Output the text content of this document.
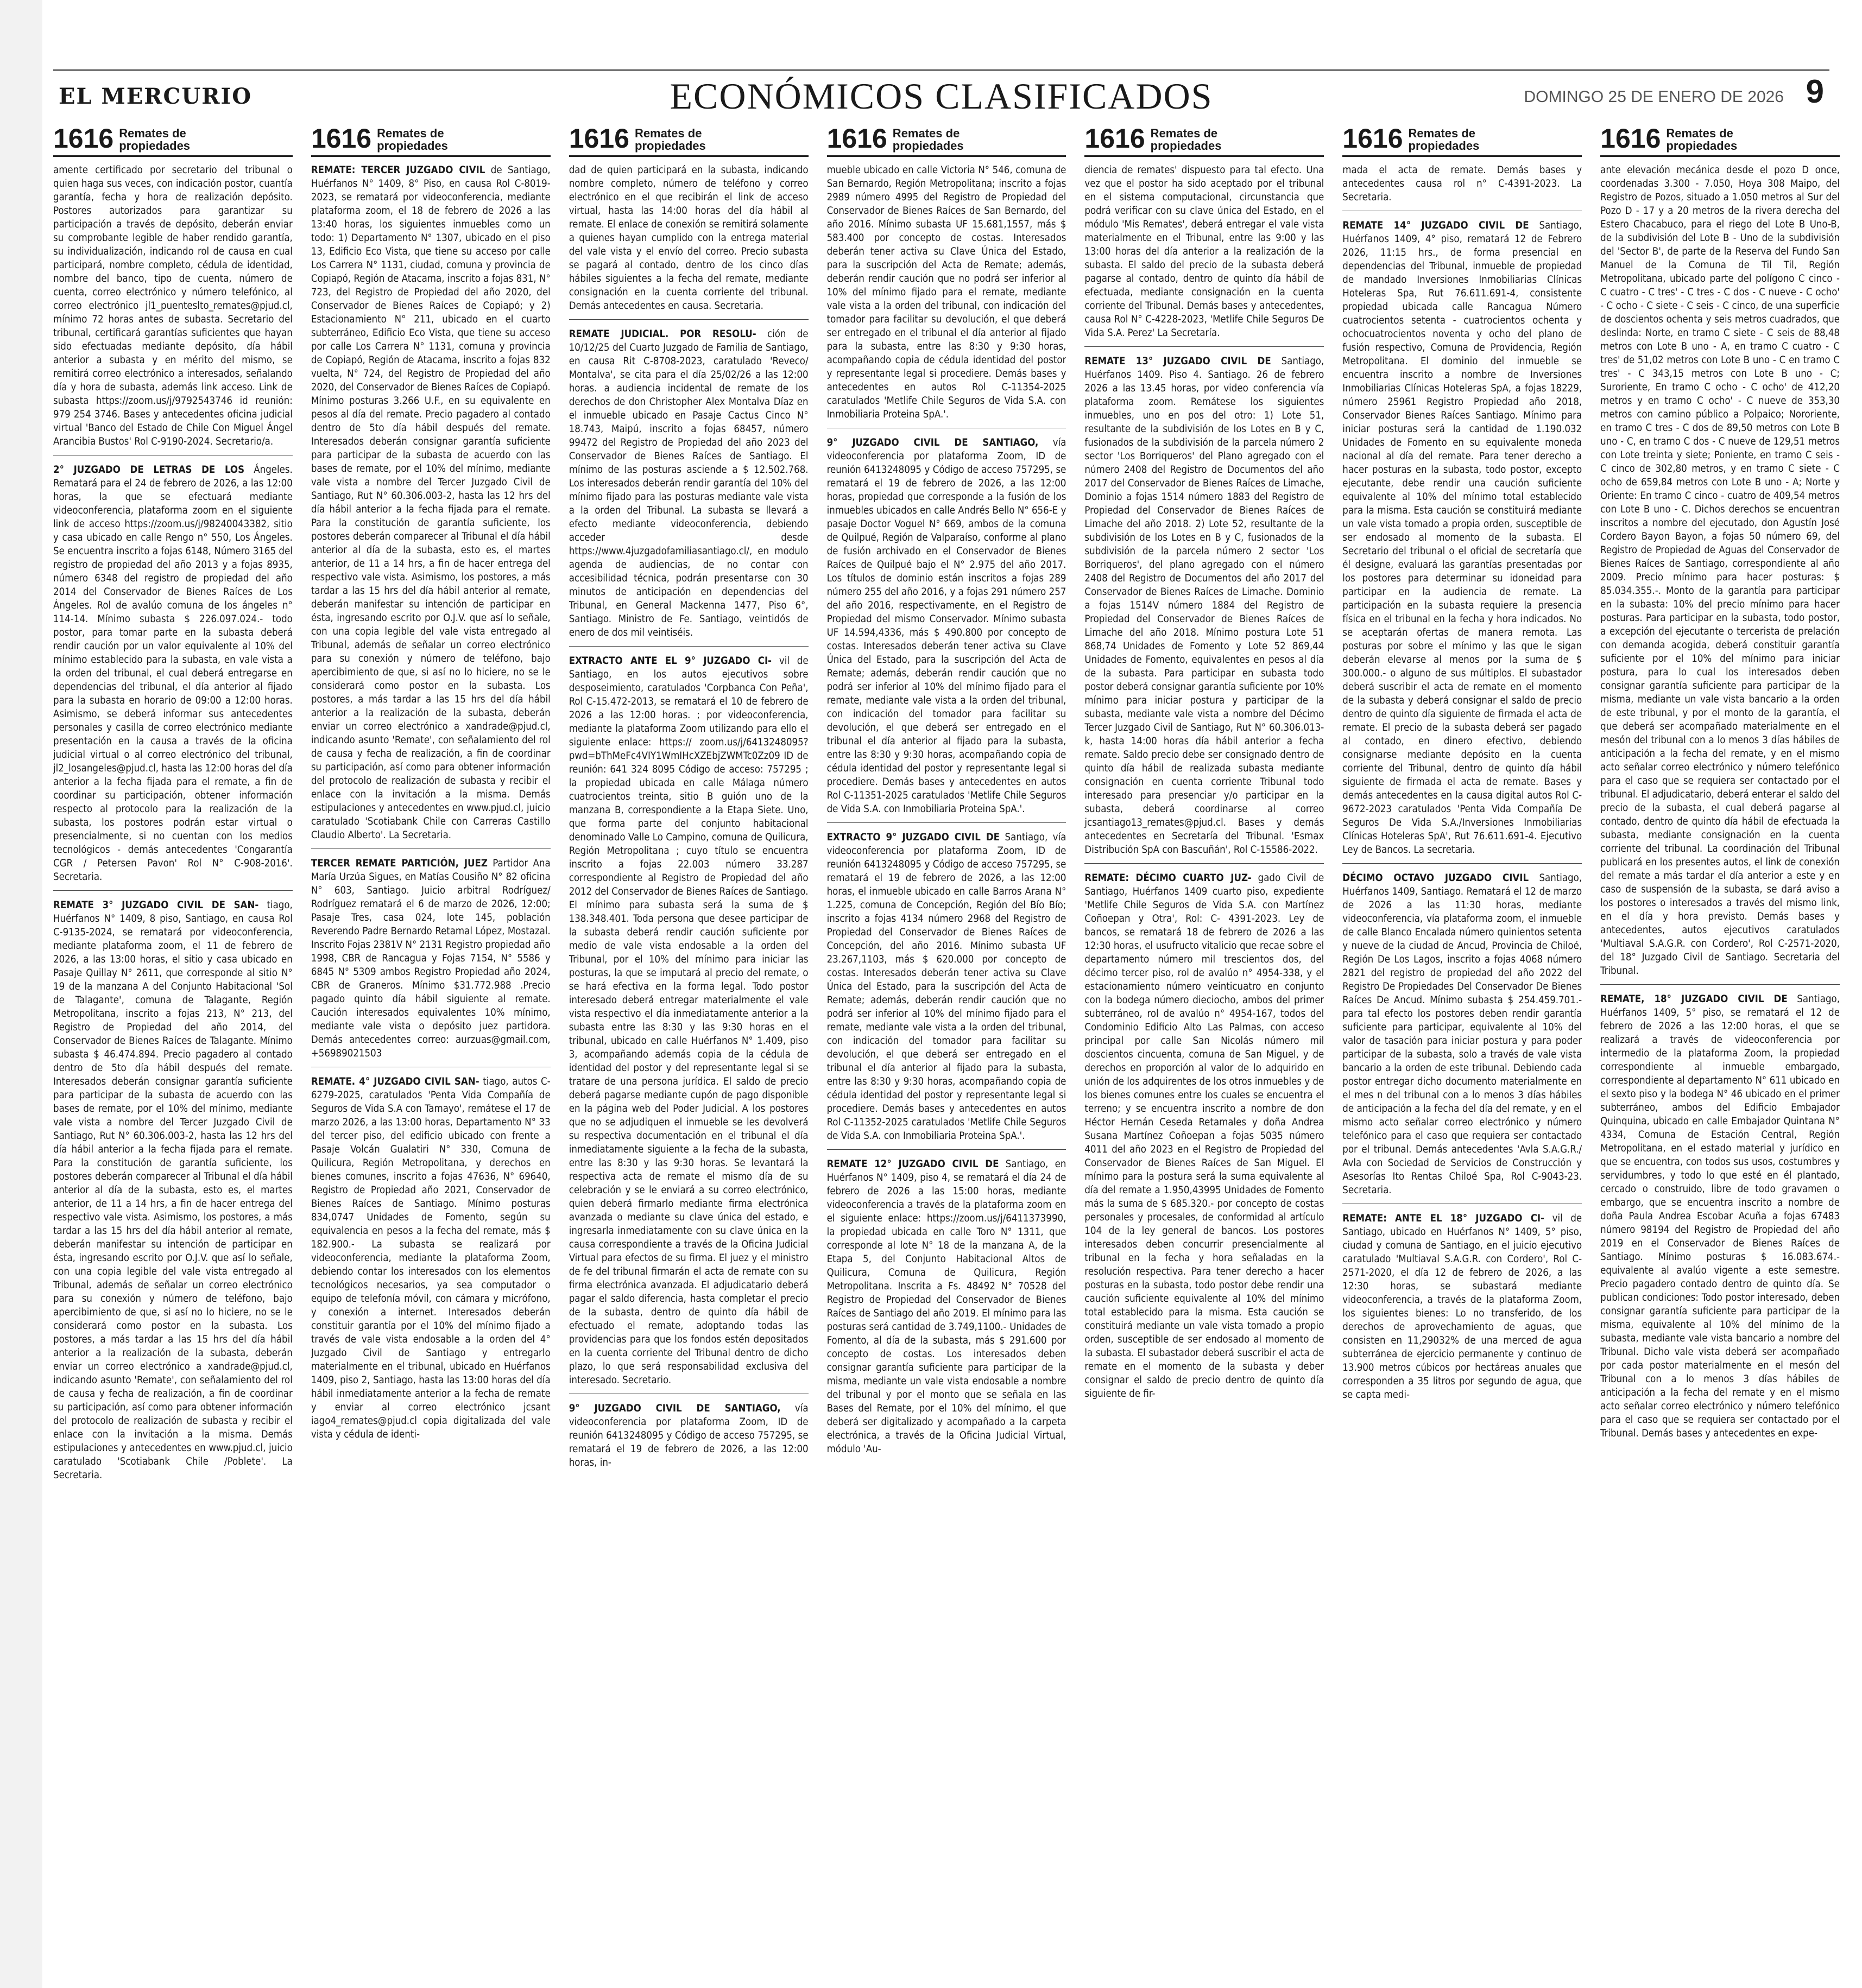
EL MERCURIO	ECONÓMICOS CLASIFICADOS	DOMINGO 25 DE ENERO DE 2026 9
1616 Remates de
propiedades

amente certificado por secretario del tribunal o quien haga sus veces, con indicación postor, cuantía garantía, fecha y hora de realización depósito. Postores autorizados para garantizar su participación a través de depósito, deberán enviar su comprobante legible de haber rendido garantía, su individualización, indicando rol de causa en cual participará, nombre completo, cédula de identidad, nombre del banco, tipo de cuenta, número de cuenta, correo electrónico y número telefónico, al correo electrónico jl1_puenteslto_remates@pjud.cl, mínimo 72 horas antes de subasta. Secretario del tribunal, certificará garantías suficientes que hayan sido efectuadas mediante depósito, día hábil anterior a subasta y en mérito del mismo, se remitirá correo electrónico a interesados, señalando día y hora de subasta, además link acceso. Link de subasta https://zoom.us/j/9792543746 id reunión: 979 254 3746. Bases y antecedentes oficina judicial virtual 'Banco del Estado de Chile Con Miguel Ángel Arancibia Bustos' Rol C-9190-2024. Secretario/a.

2° JUZGADO DE LETRAS DE LOS Ángeles. Rematará para el 24 de febrero de 2026, a las 12:00 horas, la que se efectuará mediante videoconferencia, plataforma zoom en el siguiente link de acceso https://zoom.us/j/98240043382, sitio y casa ubicado en calle Rengo n° 550, Los Ángeles. Se encuentra inscrito a fojas 6148, Número 3165 del registro de propiedad del año 2013 y a fojas 8935, número 6348 del registro de propiedad del año 2014 del Conservador de Bienes Raíces de Los Ángeles. Rol de avalúo comuna de los ángeles n° 114-14. Mínimo subasta $ 226.097.024.- todo postor, para tomar parte en la subasta deberá rendir caución por un valor equivalente al 10% del mínimo establecido para la subasta, en vale vista a la orden del tribunal, el cual deberá entregarse en dependencias del tribunal, el día anterior al fijado para la subasta en horario de 09:00 a 12:00 horas. Asimismo, se deberá informar sus antecedentes personales y casilla de correo electrónico mediante presentación en la causa a través de la oficina judicial virtual o al correo electrónico del tribunal, jl2_losangeles@pjud.cl, hasta las 12:00 horas del día anterior a la fecha fijada para el remate, a fin de coordinar su participación, obtener información respecto al protocolo para la realización de la subasta, los postores podrán estar virtual o presencialmente, si no cuentan con los medios tecnológicos - demás antecedentes 'Congarantía CGR / Petersen Pavon' Rol N° C-908-2016'. Secretaria.

REMATE 3° JUZGADO CIVIL DE SAN- tiago, Huérfanos N° 1409, 8 piso, Santiago, en causa Rol C-9135-2024, se rematará por videoconferencia, mediante plataforma zoom, el 11 de febrero de 2026, a las 13:00 horas, el sitio y casa ubicado en Pasaje Quillay N° 2611, que corresponde al sitio N° 19 de la manzana A del Conjunto Habitacional 'Sol de Talagante', comuna de Talagante, Región Metropolitana, inscrito a fojas 213, N° 213, del Registro de Propiedad del año 2014, del Conservador de Bienes Raíces de Talagante. Mínimo subasta $ 46.474.894. Precio pagadero al contado dentro de 5to día hábil después del remate. Interesados deberán consignar garantía suficiente para participar de la subasta de acuerdo con las bases de remate, por el 10% del mínimo, mediante vale vista a nombre del Tercer Juzgado Civil de Santiago, Rut N° 60.306.003-2, hasta las 12 hrs del día hábil anterior a la fecha fijada para el remate. Para la constitución de garantía suficiente, los postores deberán comparecer al Tribunal el día hábil anterior al día de la subasta, esto es, el martes anterior, de 11 a 14 hrs, a fin de hacer entrega del respectivo vale vista. Asimismo, los postores, a más tardar a las 15 hrs del día hábil anterior al remate, deberán manifestar su intención de participar en ésta, ingresando escrito por O.J.V. que así lo señale, con una copia legible del vale vista entregado al Tribunal, además de señalar un correo electrónico para su conexión y número de teléfono, bajo apercibimiento de que, si así no lo hiciere, no se le considerará como postor en la subasta. Los postores, a más tardar a las 15 hrs del día hábil anterior a la realización de la subasta, deberán enviar un correo electrónico a xandrade@pjud.cl, indicando asunto 'Remate', con señalamiento del rol de causa y fecha de realización, a fin de coordinar su participación, así como para obtener información del protocolo de realización de subasta y recibir el enlace con la invitación a la misma. Demás estipulaciones y antecedentes en www.pjud.cl, juicio caratulado 'Scotiabank Chile /Poblete'. La Secretaria.

1616 Remates de
propiedades

REMATE: TERCER JUZGADO CIVIL de Santiago, Huérfanos N° 1409, 8° Piso, en causa Rol C-8019-2023, se rematará por videoconferencia, mediante plataforma zoom, el 18 de febrero de 2026 a las 13:40 horas, los siguientes inmuebles como un todo: 1) Departamento N° 1307, ubicado en el piso 13, Edificio Eco Vista, que tiene su acceso por calle Los Carrera N° 1131, ciudad, comuna y provincia de Copiapó, Región de Atacama, inscrito a fojas 831, N° 723, del Registro de Propiedad del año 2020, del Conservador de Bienes Raíces de Copiapó; y 2) Estacionamiento N° 211, ubicado en el cuarto subterráneo, Edificio Eco Vista, que tiene su acceso por calle Los Carrera N° 1131, comuna y provincia de Copiapó, Región de Atacama, inscrito a fojas 832 vuelta, N° 724, del Registro de Propiedad del año 2020, del Conservador de Bienes Raíces de Copiapó. Mínimo posturas 3.266 U.F., en su equivalente en pesos al día del remate. Precio pagadero al contado dentro de 5to día hábil después del remate. Interesados deberán consignar garantía suficiente para participar de la subasta de acuerdo con las bases de remate, por el 10% del mínimo, mediante vale vista a nombre del Tercer Juzgado Civil de Santiago, Rut N° 60.306.003-2, hasta las 12 hrs del día hábil anterior a la fecha fijada para el remate. Para la constitución de garantía suficiente, los postores deberán comparecer al Tribunal el día hábil anterior al día de la subasta, esto es, el martes anterior, de 11 a 14 hrs, a fin de hacer entrega del respectivo vale vista. Asimismo, los postores, a más tardar a las 15 hrs del día hábil anterior al remate, deberán manifestar su intención de participar en ésta, ingresando escrito por O.J.V. que así lo señale, con una copia legible del vale vista entregado al Tribunal, además de señalar un correo electrónico para su conexión y número de teléfono, bajo apercibimiento de que, si así no lo hiciere, no se le considerará como postor en la subasta. Los postores, a más tardar a las 15 hrs del día hábil anterior a la realización de la subasta, deberán enviar un correo electrónico a xandrade@pjud.cl, indicando asunto 'Remate', con señalamiento del rol de causa y fecha de realización, a fin de coordinar su participación, así como para obtener información del protocolo de realización de subasta y recibir el enlace con la invitación a la misma. Demás estipulaciones y antecedentes en www.pjud.cl, juicio caratulado 'Scotiabank Chile con Carreras Castillo Claudio Alberto'. La Secretaria.

TERCER REMATE PARTICIÓN, JUEZ Partidor Ana María Urzúa Sigues, en Matías Cousiño N° 82 oficina N° 603, Santiago. Juicio arbitral Rodríguez/ Rodríguez rematará el 6 de marzo de 2026, 12:00; Pasaje Tres, casa 024, lote 145, población Reverendo Padre Bernardo Retamal López, Mostazal. Inscrito Fojas 2381V N° 2131 Registro propiedad año 1998, CBR de Rancagua y Fojas 7154, N° 5586 y 6845 N° 5309 ambos Registro Propiedad año 2024, CBR de Graneros. Mínimo $31.772.988 .Precio pagado quinto día hábil siguiente al remate. Caución interesados equivalentes 10% mínimo, mediante vale vista o depósito juez partidora. Demás antecedentes correo: aurzuas@gmail.com, +56989021503

REMATE. 4° JUZGADO CIVIL SAN- tiago, autos C-6279-2025, caratulados 'Penta Vida Compañía de Seguros de Vida S.A con Tamayo', remátese el 17 de marzo 2026, a las 13:00 horas, Departamento N° 33 del tercer piso, del edificio ubicado con frente a Pasaje Volcán Gualatiri N° 330, Comuna de Quilicura, Región Metropolitana, y derechos en bienes comunes, inscrito a fojas 47636, N° 69640, Registro de Propiedad año 2021, Conservador de Bienes Raíces de Santiago. Mínimo posturas 834,0747 Unidades de Fomento, según su equivalencia en pesos a la fecha del remate, más $ 182.900.- La subasta se realizará por videoconferencia, mediante la plataforma Zoom, debiendo contar los interesados con los elementos tecnológicos necesarios, ya sea computador o equipo de telefonía móvil, con cámara y micrófono, y conexión a internet. Interesados deberán constituir garantía por el 10% del mínimo fijado a través de vale vista endosable a la orden del 4° Juzgado Civil de Santiago y entregarlo materialmente en el tribunal, ubicado en Huérfanos 1409, piso 2, Santiago, hasta las 13:00 horas del día hábil inmediatamente anterior a la fecha de remate y enviar al correo electrónico jcsant iago4_remates@pjud.cl copia digitalizada del vale vista y cédula de identi-

1616 Remates de
propiedades

dad de quien participará en la subasta, indicando nombre completo, número de teléfono y correo electrónico en el que recibirán el link de acceso virtual, hasta las 14:00 horas del día hábil al remate. El enlace de conexión se remitirá solamente a quienes hayan cumplido con la entrega material del vale vista y el envío del correo. Precio subasta se pagará al contado, dentro de los cinco días hábiles siguientes a la fecha del remate, mediante consignación en la cuenta corriente del tribunal. Demás antecedentes en causa. Secretaria.

REMATE JUDICIAL. POR RESOLU- ción de 10/12/25 del Cuarto Juzgado de Familia de Santiago, en causa Rit C-8708-2023, caratulado 'Reveco/ Montalva', se cita para el día 25/02/26 a las 12:00 horas. a audiencia incidental de remate de los derechos de don Christopher Alex Montalva Díaz en el inmueble ubicado en Pasaje Cactus Cinco N° 18.743, Maipú, inscrito a fojas 68457, número 99472 del Registro de Propiedad del año 2023 del Conservador de Bienes Raíces de Santiago. El mínimo de las posturas asciende a $ 12.502.768. Los interesados deberán rendir garantía del 10% del mínimo fijado para las posturas mediante vale vista a la orden del Tribunal. La subasta se llevará a efecto mediante videoconferencia, debiendo acceder desde https://www.4juzgadofamiliasantiago.cl/, en modulo agenda de audiencias, de no contar con accesibilidad técnica, podrán presentarse con 30 minutos de anticipación en dependencias del Tribunal, en General Mackenna 1477, Piso 6°, Santiago. Ministro de Fe. Santiago, veintidós de enero de dos mil veintiséis.

EXTRACTO ANTE EL 9° JUZGADO CI- vil de Santiago, en los autos ejecutivos sobre desposeimiento, caratulados 'Corpbanca Con Peña', Rol C-15.472-2013, se rematará el 10 de febrero de 2026 a las 12:00 horas. ; por videoconferencia, mediante la plataforma Zoom utilizando para ello el siguiente enlace: https:// zoom.us/j/6413248095? pwd=bThMeFc4VIY1WmIHcXZEbjZWMTc0Zz09 ID de reunión: 641 324 8095 Código de acceso: 757295 ; la propiedad ubicada en calle Málaga número cuatrocientos treinta, sitio B guión uno de la manzana B, correspondiente a la Etapa Siete. Uno, que forma parte del conjunto habitacional denominado Valle Lo Campino, comuna de Quilicura, Región Metropolitana ; cuyo título se encuentra inscrito a fojas 22.003 número 33.287 correspondiente al Registro de Propiedad del año 2012 del Conservador de Bienes Raíces de Santiago. El mínimo para subasta será la suma de $ 138.348.401. Toda persona que desee participar de la subasta deberá rendir caución suficiente por medio de vale vista endosable a la orden del Tribunal, por el 10% del mínimo para iniciar las posturas, la que se imputará al precio del remate, o se hará efectiva en la forma legal. Todo postor interesado deberá entregar materialmente el vale vista respectivo el día inmediatamente anterior a la subasta entre las 8:30 y las 9:30 horas en el tribunal, ubicado en calle Huérfanos N° 1.409, piso 3, acompañando además copia de la cédula de identidad del postor y del representante legal si se tratare de una persona jurídica. El saldo de precio deberá pagarse mediante cupón de pago disponible en la página web del Poder Judicial. A los postores que no se adjudiquen el inmueble se les devolverá su respectiva documentación en el tribunal el día inmediatamente siguiente a la fecha de la subasta, entre las 8:30 y las 9:30 horas. Se levantará la respectiva acta de remate el mismo día de su celebración y se le enviará a su correo electrónico, quien deberá firmarlo mediante firma electrónica avanzada o mediante su clave única del estado, e ingresarla inmediatamente con su clave única en la causa correspondiente a través de la Oficina Judicial Virtual para efectos de su firma. El juez y el ministro de fe del tribunal firmarán el acta de remate con su firma electrónica avanzada. El adjudicatario deberá pagar el saldo diferencia, hasta completar el precio de la subasta, dentro de quinto día hábil de efectuado el remate, adoptando todas las providencias para que los fondos estén depositados en la cuenta corriente del Tribunal dentro de dicho plazo, lo que será responsabilidad exclusiva del interesado. Secretario.

9° JUZGADO CIVIL DE SANTIAGO, vía videoconferencia por plataforma Zoom, ID de reunión 6413248095 y Código de acceso 757295, se rematará el 19 de febrero de 2026, a las 12:00 horas, in-

1616 Remates de
propiedades

mueble ubicado en calle Victoria N° 546, comuna de San Bernardo, Región Metropolitana; inscrito a fojas 2989 número 4995 del Registro de Propiedad del Conservador de Bienes Raíces de San Bernardo, del año 2016. Mínimo subasta UF 15.681,1557, más $ 583.400 por concepto de costas. Interesados deberán tener activa su Clave Única del Estado, para la suscripción del Acta de Remate; además, deberán rendir caución que no podrá ser inferior al 10% del mínimo fijado para el remate, mediante vale vista a la orden del tribunal, con indicación del tomador para facilitar su devolución, el que deberá ser entregado en el tribunal el día anterior al fijado para la subasta, entre las 8:30 y 9:30 horas, acompañando copia de cédula identidad del postor y representante legal si procediere. Demás bases y antecedentes en autos Rol C-11354-2025 caratulados 'Metlife Chile Seguros de Vida S.A. con Inmobiliaria Proteina SpA.'.

9° JUZGADO CIVIL DE SANTIAGO, vía videoconferencia por plataforma Zoom, ID de reunión 6413248095 y Código de acceso 757295, se rematará el 19 de febrero de 2026, a las 12:00 horas, propiedad que corresponde a la fusión de los inmuebles ubicados en calle Andrés Bello N° 656-E y pasaje Doctor Voguel N° 669, ambos de la comuna de Quilpué, Región de Valparaíso, conforme al plano de fusión archivado en el Conservador de Bienes Raíces de Quilpué bajo el N° 2.975 del año 2017. Los títulos de dominio están inscritos a fojas 289 número 255 del año 2016, y a fojas 291 número 257 del año 2016, respectivamente, en el Registro de Propiedad del mismo Conservador. Mínimo subasta UF 14.594,4336, más $ 490.800 por concepto de costas. Interesados deberán tener activa su Clave Única del Estado, para la suscripción del Acta de Remate; además, deberán rendir caución que no podrá ser inferior al 10% del mínimo fijado para el remate, mediante vale vista a la orden del tribunal, con indicación del tomador para facilitar su devolución, el que deberá ser entregado en el tribunal el día anterior al fijado para la subasta, entre las 8:30 y 9:30 horas, acompañando copia de cédula identidad del postor y representante legal si procediere. Demás bases y antecedentes en autos Rol C-11351-2025 caratulados 'Metlife Chile Seguros de Vida S.A. con Inmobiliaria Proteina SpA.'.

EXTRACTO 9° JUZGADO CIVIL DE Santiago, vía videoconferencia por plataforma Zoom, ID de reunión 6413248095 y Código de acceso 757295, se rematará el 19 de febrero de 2026, a las 12:00 horas, el inmueble ubicado en calle Barros Arana N° 1.225, comuna de Concepción, Región del Bío Bío; inscrito a fojas 4134 número 2968 del Registro de Propiedad del Conservador de Bienes Raíces de Concepción, del año 2016. Mínimo subasta UF 23.267,1103, más $ 620.000 por concepto de costas. Interesados deberán tener activa su Clave Única del Estado, para la suscripción del Acta de Remate; además, deberán rendir caución que no podrá ser inferior al 10% del mínimo fijado para el remate, mediante vale vista a la orden del tribunal, con indicación del tomador para facilitar su devolución, el que deberá ser entregado en el tribunal el día anterior al fijado para la subasta, entre las 8:30 y 9:30 horas, acompañando copia de cédula identidad del postor y representante legal si procediere. Demás bases y antecedentes en autos Rol C-11352-2025 caratulados 'Metlife Chile Seguros de Vida S.A. con Inmobiliaria Proteina SpA.'.

REMATE 12° JUZGADO CIVIL DE Santiago, en Huérfanos N° 1409, piso 4, se rematará el día 24 de febrero de 2026 a las 15:00 horas, mediante videoconferencia a través de la plataforma zoom en el siguiente enlace: https://zoom.us/j/6411373990, la propiedad ubicada en calle Toro N° 1311, que corresponde al lote N° 18 de la manzana A, de la Etapa 5, del Conjunto Habitacional Altos de Quilicura, Comuna de Quilicura, Región Metropolitana. Inscrita a Fs. 48492 N° 70528 del Registro de Propiedad del Conservador de Bienes Raíces de Santiago del año 2019. El mínimo para las posturas será cantidad de 3.749,1100.- Unidades de Fomento, al día de la subasta, más $ 291.600 por concepto de costas. Los interesados deben consignar garantía suficiente para participar de la misma, mediante un vale vista endosable a nombre del tribunal y por el monto que se señala en las Bases del Remate, por el 10% del mínimo, el que deberá ser digitalizado y acompañado a la carpeta electrónica, a través de la Oficina Judicial Virtual, módulo 'Au-

1616 Remates de
propiedades

diencia de remates' dispuesto para tal efecto. Una vez que el postor ha sido aceptado por el tribunal en el sistema computacional, circunstancia que podrá verificar con su clave única del Estado, en el módulo 'Mis Remates', deberá entregar el vale vista materialmente en el Tribunal, entre las 9:00 y las 13:00 horas del día anterior a la realización de la subasta. El saldo del precio de la subasta deberá pagarse al contado, dentro de quinto día hábil de efectuada, mediante consignación en la cuenta corriente del Tribunal. Demás bases y antecedentes, causa Rol N° C-4228-2023, 'Metlife Chile Seguros De Vida S.A. Perez' La Secretaría.

REMATE 13° JUZGADO CIVIL DE Santiago, Huérfanos 1409. Piso 4. Santiago. 26 de febrero 2026 a las 13.45 horas, por video conferencia vía plataforma zoom. Remátese los siguientes inmuebles, uno en pos del otro: 1) Lote 51, resultante de la subdivisión de los Lotes en B y C, fusionados de la subdivisión de la parcela número 2 sector 'Los Borriqueros' del Plano agregado con el número 2408 del Registro de Documentos del año 2017 del Conservador de Bienes Raíces de Limache, Dominio a fojas 1514 número 1883 del Registro de Propiedad del Conservador de Bienes Raíces de Limache del año 2018. 2) Lote 52, resultante de la subdivisión de los Lotes en B y C, fusionados de la subdivisión de la parcela número 2 sector 'Los Borriqueros', del plano agregado con el número 2408 del Registro de Documentos del año 2017 del Conservador de Bienes Raíces de Limache. Dominio a fojas 1514V número 1884 del Registro de Propiedad del Conservador de Bienes Raíces de Limache del año 2018. Mínimo postura Lote 51 868,74 Unidades de Fomento y Lote 52 869,44 Unidades de Fomento, equivalentes en pesos al día de la subasta. Para participar en subasta todo postor deberá consignar garantía suficiente por 10% mínimo para iniciar postura y participar de la subasta, mediante vale vista a nombre del Décimo Tercer Juzgado Civil de Santiago, Rut N° 60.306.013- k, hasta 14:00 horas día hábil anterior a fecha remate. Saldo precio debe ser consignado dentro de quinto día hábil de realizada subasta mediante consignación en cuenta corriente Tribunal todo interesado para presenciar y/o participar en la subasta, deberá coordinarse al correo jcsantiago13_remates@pjud.cl. Bases y demás antecedentes en Secretaría del Tribunal. 'Esmax Distribución SpA con Bascuñán', Rol C-15586-2022.

REMATE: DÉCIMO CUARTO JUZ- gado Civil de Santiago, Huérfanos 1409 cuarto piso, expediente 'Metlife Chile Seguros de Vida S.A. con Martínez Coñoepan y Otra', Rol: C- 4391-2023. Ley de bancos, se rematará 18 de febrero de 2026 a las 12:30 horas, el usufructo vitalicio que recae sobre el departamento número mil trescientos dos, del décimo tercer piso, rol de avalúo n° 4954-338, y el estacionamiento número veinticuatro en conjunto con la bodega número dieciocho, ambos del primer subterráneo, rol de avalúo n° 4954-167, todos del Condominio Edificio Alto Las Palmas, con acceso principal por calle San Nicolás número mil doscientos cincuenta, comuna de San Miguel, y de derechos en proporción al valor de lo adquirido en unión de los adquirentes de los otros inmuebles y de los bienes comunes entre los cuales se encuentra el terreno; y se encuentra inscrito a nombre de don Héctor Hernán Ceseda Retamales y doña Andrea Susana Martínez Coñoepan a fojas 5035 número 4011 del año 2023 en el Registro de Propiedad del Conservador de Bienes Raíces de San Miguel. El mínimo para la postura será la suma equivalente al día del remate a 1.950,43995 Unidades de Fomento más la suma de $ 685.320.- por concepto de costas personales y procesales, de conformidad al artículo 104 de la ley general de bancos. Los postores interesados deben concurrir presencialmente al tribunal en la fecha y hora señaladas en la resolución respectiva. Para tener derecho a hacer posturas en la subasta, todo postor debe rendir una caución suficiente equivalente al 10% del mínimo total establecido para la misma. Esta caución se constituirá mediante un vale vista tomado a propio orden, susceptible de ser endosado al momento de la subasta. El subastador deberá suscribir el acta de remate en el momento de la subasta y deber consignar el saldo de precio dentro de quinto día siguiente de fir-

1616 Remates de
propiedades

mada el acta de remate. Demás bases y antecedentes causa rol n° C-4391-2023. La Secretaria.

REMATE 14° JUZGADO CIVIL DE Santiago, Huérfanos 1409, 4° piso, rematará 12 de Febrero 2026, 11:15 hrs., de forma presencial en dependencias del Tribunal, inmueble de propiedad de mandado Inversiones Inmobiliarias Clínicas Hoteleras Spa, Rut 76.611.691-4, consistente propiedad ubicada calle Rancagua Número cuatrocientos setenta - cuatrocientos ochenta y ochocuatrocientos noventa y ocho del plano de fusión respectivo, Comuna de Providencia, Región Metropolitana. El dominio del inmueble se encuentra inscrito a nombre de Inversiones Inmobiliarias Clínicas Hoteleras SpA, a fojas 18229, número 25961 Registro Propiedad año 2018, Conservador Bienes Raíces Santiago. Mínimo para iniciar posturas será la cantidad de 1.190.032 Unidades de Fomento en su equivalente moneda nacional al día del remate. Para tener derecho a hacer posturas en la subasta, todo postor, excepto ejecutante, debe rendir una caución suficiente equivalente al 10% del mínimo total establecido para la misma. Esta caución se constituirá mediante un vale vista tomado a propia orden, susceptible de ser endosado al momento de la subasta. El Secretario del tribunal o el oficial de secretaría que él designe, evaluará las garantías presentadas por los postores para determinar su idoneidad para participar en la audiencia de remate. La participación en la subasta requiere la presencia física en el tribunal en la fecha y hora indicados. No se aceptarán ofertas de manera remota. Las posturas por sobre el mínimo y las que le sigan deberán elevarse al menos por la suma de $ 300.000.- o alguno de sus múltiplos. El subastador deberá suscribir el acta de remate en el momento de la subasta y deberá consignar el saldo de precio dentro de quinto día siguiente de firmada el acta de remate. El precio de la subasta deberá ser pagado al contado, en dinero efectivo, debiendo consignarse mediante depósito en la cuenta corriente del Tribunal, dentro de quinto día hábil siguiente de firmada el acta de remate. Bases y demás antecedentes en la causa digital autos Rol C- 9672-2023 caratulados 'Penta Vida Compañía De Seguros De Vida S.A./Inversiones Inmobiliarias Clínicas Hoteleras SpA', Rut 76.611.691-4. Ejecutivo Ley de Bancos. La secretaria.

DÉCIMO OCTAVO JUZGADO CIVIL Santiago, Huérfanos 1409, Santiago. Rematará el 12 de marzo de 2026 a las 11:30 horas, mediante videoconferencia, vía plataforma zoom, el inmueble de calle Blanco Encalada número quinientos setenta y nueve de la ciudad de Ancud, Provincia de Chiloé, Región De Los Lagos, inscrito a fojas 4068 número 2821 del registro de propiedad del año 2022 del Registro De Propiedades Del Conservador De Bienes Raíces De Ancud. Mínimo subasta $ 254.459.701.- para tal efecto los postores deben rendir garantía suficiente para participar, equivalente al 10% del valor de tasación para iniciar postura y para poder participar de la subasta, solo a través de vale vista bancario a la orden de este tribunal. Debiendo cada postor entregar dicho documento materialmente en el mes n del tribunal con a lo menos 3 días hábiles de anticipación a la fecha del día del remate, y en el mismo acto señalar correo electrónico y número telefónico para el caso que requiera ser contactado por el tribunal. Demás antecedentes 'Avla S.A.G.R./ Avla con Sociedad de Servicios de Construcción y Asesorías Ito Rentas Chiloé Spa, Rol C-9043-23. Secretaria.

REMATE: ANTE EL 18° JUZGADO CI- vil de Santiago, ubicado en Huérfanos N° 1409, 5° piso, ciudad y comuna de Santiago, en el juicio ejecutivo caratulado 'Multiaval S.A.G.R. con Cordero', Rol C-2571-2020, el día 12 de febrero de 2026, a las 12:30 horas, se subastará mediante videoconferencia, a través de la plataforma Zoom, los siguientes bienes: Lo no transferido, de los derechos de aprovechamiento de aguas, que consisten en 11,29032% de una merced de agua subterránea de ejercicio permanente y continuo de 13.900 metros cúbicos por hectáreas anuales que corresponden a 35 litros por segundo de agua, que se capta medi-

1616 Remates de
propiedades

ante elevación mecánica desde el pozo D once, coordenadas 3.300 - 7.050, Hoya 308 Maipo, del Registro de Pozos, situado a 1.050 metros al Sur del Pozo D - 17 y a 20 metros de la rivera derecha del Estero Chacabuco, para el riego del Lote B Uno-B, de la subdivisión del Lote B - Uno de la subdivisión del 'Sector B', de parte de la Reserva del Fundo San Manuel de la Comuna de Til Til, Región Metropolitana, ubicado parte del polígono C cinco - C cuatro - C tres' - C tres - C dos - C nueve - C ocho' - C ocho - C siete - C seis - C cinco, de una superficie de doscientos ochenta y seis metros cuadrados, que deslinda: Norte, en tramo C siete - C seis de 88,48 metros con Lote B uno - A, en tramo C cuatro - C tres' de 51,02 metros con Lote B uno - C en tramo C tres' - C 343,15 metros con Lote B uno - C; Suroriente, En tramo C ocho - C ocho' de 412,20 metros y en tramo C ocho' - C nueve de 353,30 metros con camino público a Polpaico; Nororiente, en tramo C tres - C dos de 89,50 metros con Lote B uno - C, en tramo C dos - C nueve de 129,51 metros con Lote treinta y siete; Poniente, en tramo C seis - C cinco de 302,80 metros, y en tramo C siete - C ocho de 659,84 metros con Lote B uno - A; Norte y Oriente: En tramo C cinco - cuatro de 409,54 metros con Lote B uno - C. Dichos derechos se encuentran inscritos a nombre del ejecutado, don Agustín José Cordero Bayon Bayon, a fojas 50 número 69, del Registro de Propiedad de Aguas del Conservador de Bienes Raíces de Santiago, correspondiente al año 2009. Precio mínimo para hacer posturas: $ 85.034.355.-. Monto de la garantía para participar en la subasta: 10% del precio mínimo para hacer posturas. Para participar en la subasta, todo postor, a excepción del ejecutante o tercerista de prelación con demanda acogida, deberá constituir garantía suficiente por el 10% del mínimo para iniciar postura, para lo cual los interesados deben consignar garantía suficiente para participar de la misma, mediante un vale vista bancario a la orden de este tribunal, y por el monto de la garantía, el que deberá ser acompañado materialmente en el mesón del tribunal con a lo menos 3 días hábiles de anticipación a la fecha del remate, y en el mismo acto señalar correo electrónico y número telefónico para el caso que se requiera ser contactado por el tribunal. El adjudicatario, deberá enterar el saldo del precio de la subasta, el cual deberá pagarse al contado, dentro de quinto día hábil de efectuada la subasta, mediante consignación en la cuenta corriente del tribunal. La coordinación del Tribunal publicará en los presentes autos, el link de conexión del remate a más tardar el día anterior a este y en caso de suspensión de la subasta, se dará aviso a los postores o interesados a través del mismo link, en el día y hora previsto. Demás bases y antecedentes, autos ejecutivos caratulados 'Multiaval S.A.G.R. con Cordero', Rol C-2571-2020, del 18° Juzgado Civil de Santiago. Secretaria del Tribunal.

REMATE, 18° JUZGADO CIVIL DE Santiago, Huérfanos 1409, 5° piso, se rematará el 12 de febrero de 2026 a las 12:00 horas, el que se realizará a través de videoconferencia por intermedio de la plataforma Zoom, la propiedad correspondiente al inmueble embargado, correspondiente al departamento N° 611 ubicado en el sexto piso y la bodega N° 46 ubicado en el primer subterráneo, ambos del Edificio Embajador Quinquina, ubicado en calle Embajador Quintana N° 4334, Comuna de Estación Central, Región Metropolitana, en el estado material y jurídico en que se encuentra, con todos sus usos, costumbres y servidumbres, y todo lo que esté en él plantado, cercado o construido, libre de todo gravamen o embargo, que se encuentra inscrito a nombre de doña Paula Andrea Escobar Acuña a fojas 67483 número 98194 del Registro de Propiedad del año 2019 en el Conservador de Bienes Raíces de Santiago. Mínimo posturas $ 16.083.674.- equivalente al avalúo vigente a este semestre. Precio pagadero contado dentro de quinto día. Se publican condiciones: Todo postor interesado, deben consignar garantía suficiente para participar de la misma, equivalente al 10% del mínimo de la subasta, mediante vale vista bancario a nombre del Tribunal. Dicho vale vista deberá ser acompañado por cada postor materialmente en el mesón del Tribunal con a lo menos 3 días hábiles de anticipación a la fecha del remate y en el mismo acto señalar correo electrónico y número telefónico para el caso que se requiera ser contactado por el Tribunal. Demás bases y antecedentes en expe-
